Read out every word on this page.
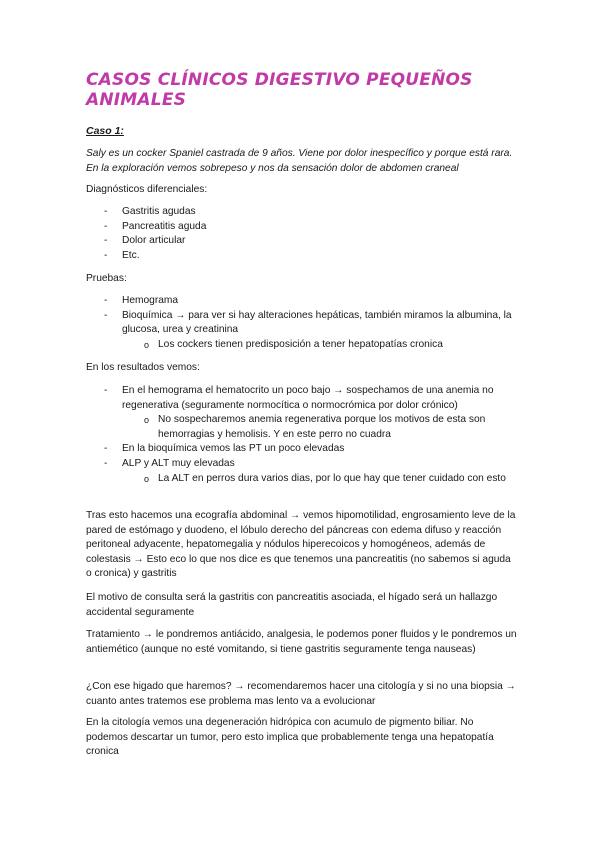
CASOS CLÍNICOS DIGESTIVO PEQUEÑOS ANIMALES
Caso 1:

Saly es un cocker Spaniel castrada de 9 años. Viene por dolor inespecífico y porque está rara. En la exploración vemos sobrepeso y nos da sensación dolor de abdomen craneal

Diagnósticos diferenciales:

- Gastritis agudas
- Pancreatitis aguda
- Dolor articular
- Etc.

Pruebas:

- Hemograma
- Bioquímica → para ver si hay alteraciones hepáticas, también miramos la albumina, la glucosa, urea y creatinina
o Los cockers tienen predisposición a tener hepatopatías cronica

En los resultados vemos:

- En el hemograma el hematocrito un poco bajo → sospechamos de una anemia no regenerativa (seguramente normocítica o normocrómica por dolor crónico)
o No sospecharemos anemia regenerativa porque los motivos de esta son hemorragias y hemolisis. Y en este perro no cuadra
- En la bioquímica vemos las PT un poco elevadas
- ALP y ALT muy elevadas
o La ALT en perros dura varios dias, por lo que hay que tener cuidado con esto

Tras esto hacemos una ecografía abdominal → vemos hipomotilidad, engrosamiento leve de la pared de estómago y duodeno, el lóbulo derecho del páncreas con edema difuso y reacción peritoneal adyacente, hepatomegalia y nódulos hiperecoicos y homogéneos, además de colestasis → Esto eco lo que nos dice es que tenemos una pancreatitis (no sabemos si aguda o cronica) y gastritis

El motivo de consulta será la gastritis con pancreatitis asociada, el hígado será un hallazgo accidental seguramente

Tratamiento → le pondremos antiácido, analgesia, le podemos poner fluidos y le pondremos un antiemético (aunque no esté vomitando, si tiene gastritis seguramente tenga nauseas)

¿Con ese higado que haremos? → recomendaremos hacer una citología y si no una biopsia → cuanto antes tratemos ese problema mas lento va a evolucionar

En la citología vemos una degeneración hidrópica con acumulo de pigmento biliar. No podemos descartar un tumor, pero esto implica que probablemente tenga una hepatopatía cronica
